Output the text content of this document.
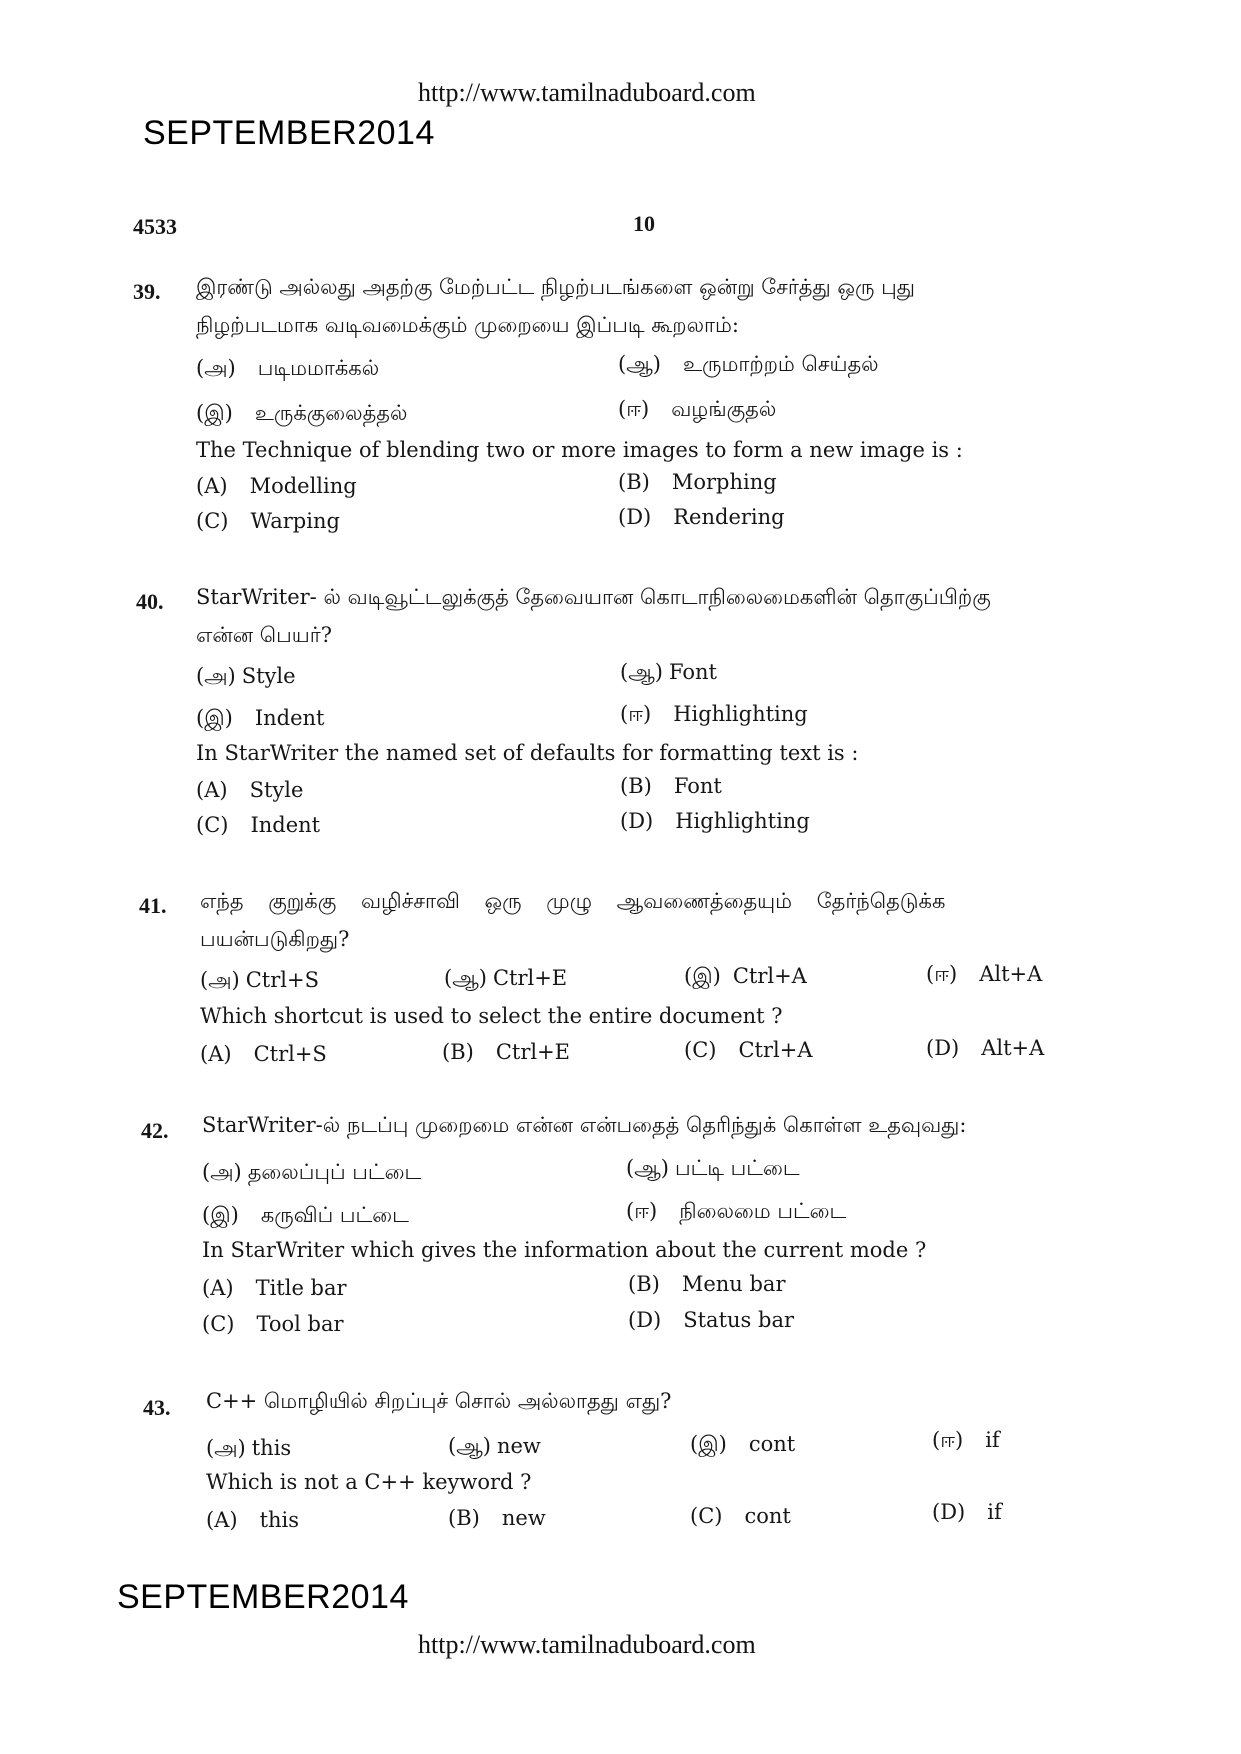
http://www.tamilnaduboard.com
SEPTEMBER2014
4533	10
39. இரண்டு அல்லது அதற்கு மேற்பட்ட நிழற்படங்களை ஒன்று சேர்த்து ஒரு புது
நிழற்படமாக வடிவமைக்கும் முறையை இப்படி கூறலாம்:
(அ) படிமமாக்கல்	(ஆ) உருமாற்றம் செய்தல்
(இ) உருக்குலைத்தல்	(ஈ) வழங்குதல்
The Technique of blending two or more images to form a new image is :
(A) Modelling	(B) Morphing
(C) Warping	(D) Rendering
40. StarWriter- ல் வடிவூட்டலுக்குத் தேவையான கொடாநிலைமைகளின் தொகுப்பிற்கு
என்ன பெயர்?
(அ) Style	(ஆ) Font
(இ) Indent	(ஈ) Highlighting
In StarWriter the named set of defaults for formatting text is :
(A) Style	(B) Font
(C) Indent	(D) Highlighting
41. எந்த குறுக்கு வழிச்சாவி ஒரு முழு ஆவணைத்தையும் தேர்ந்தெடுக்க
பயன்படுகிறது?
(அ) Ctrl+S	(ஆ) Ctrl+E	(இ) Ctrl+A	(ஈ) Alt+A
Which shortcut is used to select the entire document ?
(A) Ctrl+S	(B) Ctrl+E	(C) Ctrl+A	(D) Alt+A
42. StarWriter-ல் நடப்பு முறைமை என்ன என்பதைத் தெரிந்துக் கொள்ள உதவுவது:
(அ) தலைப்புப் பட்டை	(ஆ) பட்டி பட்டை
(இ) கருவிப் பட்டை	(ஈ) நிலைமை பட்டை
In StarWriter which gives the information about the current mode ?
(A) Title bar	(B) Menu bar
(C) Tool bar	(D) Status bar
43. C++ மொழியில் சிறப்புச் சொல் அல்லாதது எது?
(அ) this	(ஆ) new	(இ) cont	(ஈ) if
Which is not a C++ keyword ?
(A) this	(B) new	(C) cont	(D) if
SEPTEMBER2014
http://www.tamilnaduboard.com
